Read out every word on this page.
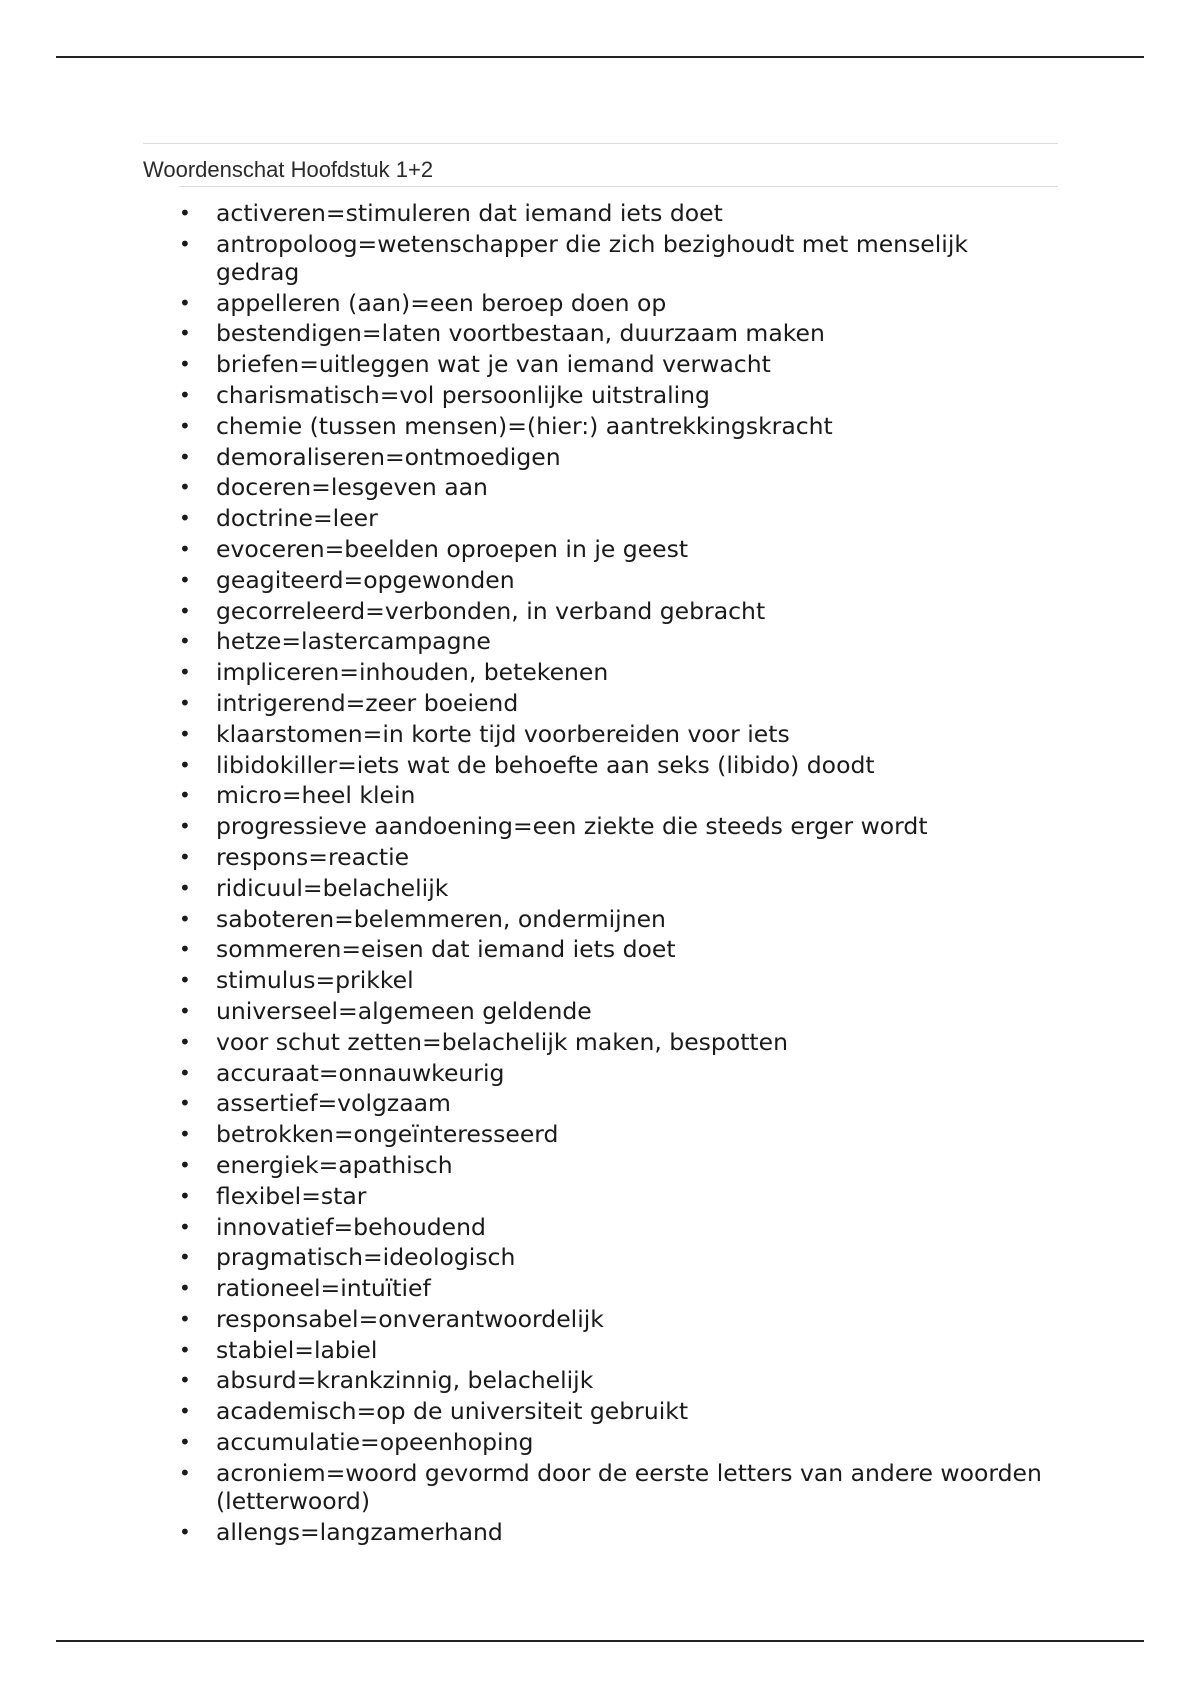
Woordenschat Hoofdstuk 1+2
• activeren=stimuleren dat iemand iets doet
• antropoloog=wetenschapper die zich bezighoudt met menselijk gedrag
• appelleren (aan)=een beroep doen op
• bestendigen=laten voortbestaan, duurzaam maken
• briefen=uitleggen wat je van iemand verwacht
• charismatisch=vol persoonlijke uitstraling
• chemie (tussen mensen)=(hier:) aantrekkingskracht
• demoraliseren=ontmoedigen
• doceren=lesgeven aan
• doctrine=leer
• evoceren=beelden oproepen in je geest
• geagiteerd=opgewonden
• gecorreleerd=verbonden, in verband gebracht
• hetze=lastercampagne
• impliceren=inhouden, betekenen
• intrigerend=zeer boeiend
• klaarstomen=in korte tijd voorbereiden voor iets
• libidokiller=iets wat de behoefte aan seks (libido) doodt
• micro=heel klein
• progressieve aandoening=een ziekte die steeds erger wordt
• respons=reactie
• ridicuul=belachelijk
• saboteren=belemmeren, ondermijnen
• sommeren=eisen dat iemand iets doet
• stimulus=prikkel
• universeel=algemeen geldende
• voor schut zetten=belachelijk maken, bespotten
• accuraat=onnauwkeurig
• assertief=volgzaam
• betrokken=ongeïnteresseerd
• energiek=apathisch
• flexibel=star
• innovatief=behoudend
• pragmatisch=ideologisch
• rationeel=intuïtief
• responsabel=onverantwoordelijk
• stabiel=labiel
• absurd=krankzinnig, belachelijk
• academisch=op de universiteit gebruikt
• accumulatie=opeenhoping
• acroniem=woord gevormd door de eerste letters van andere woorden (letterwoord)
• allengs=langzamerhand
